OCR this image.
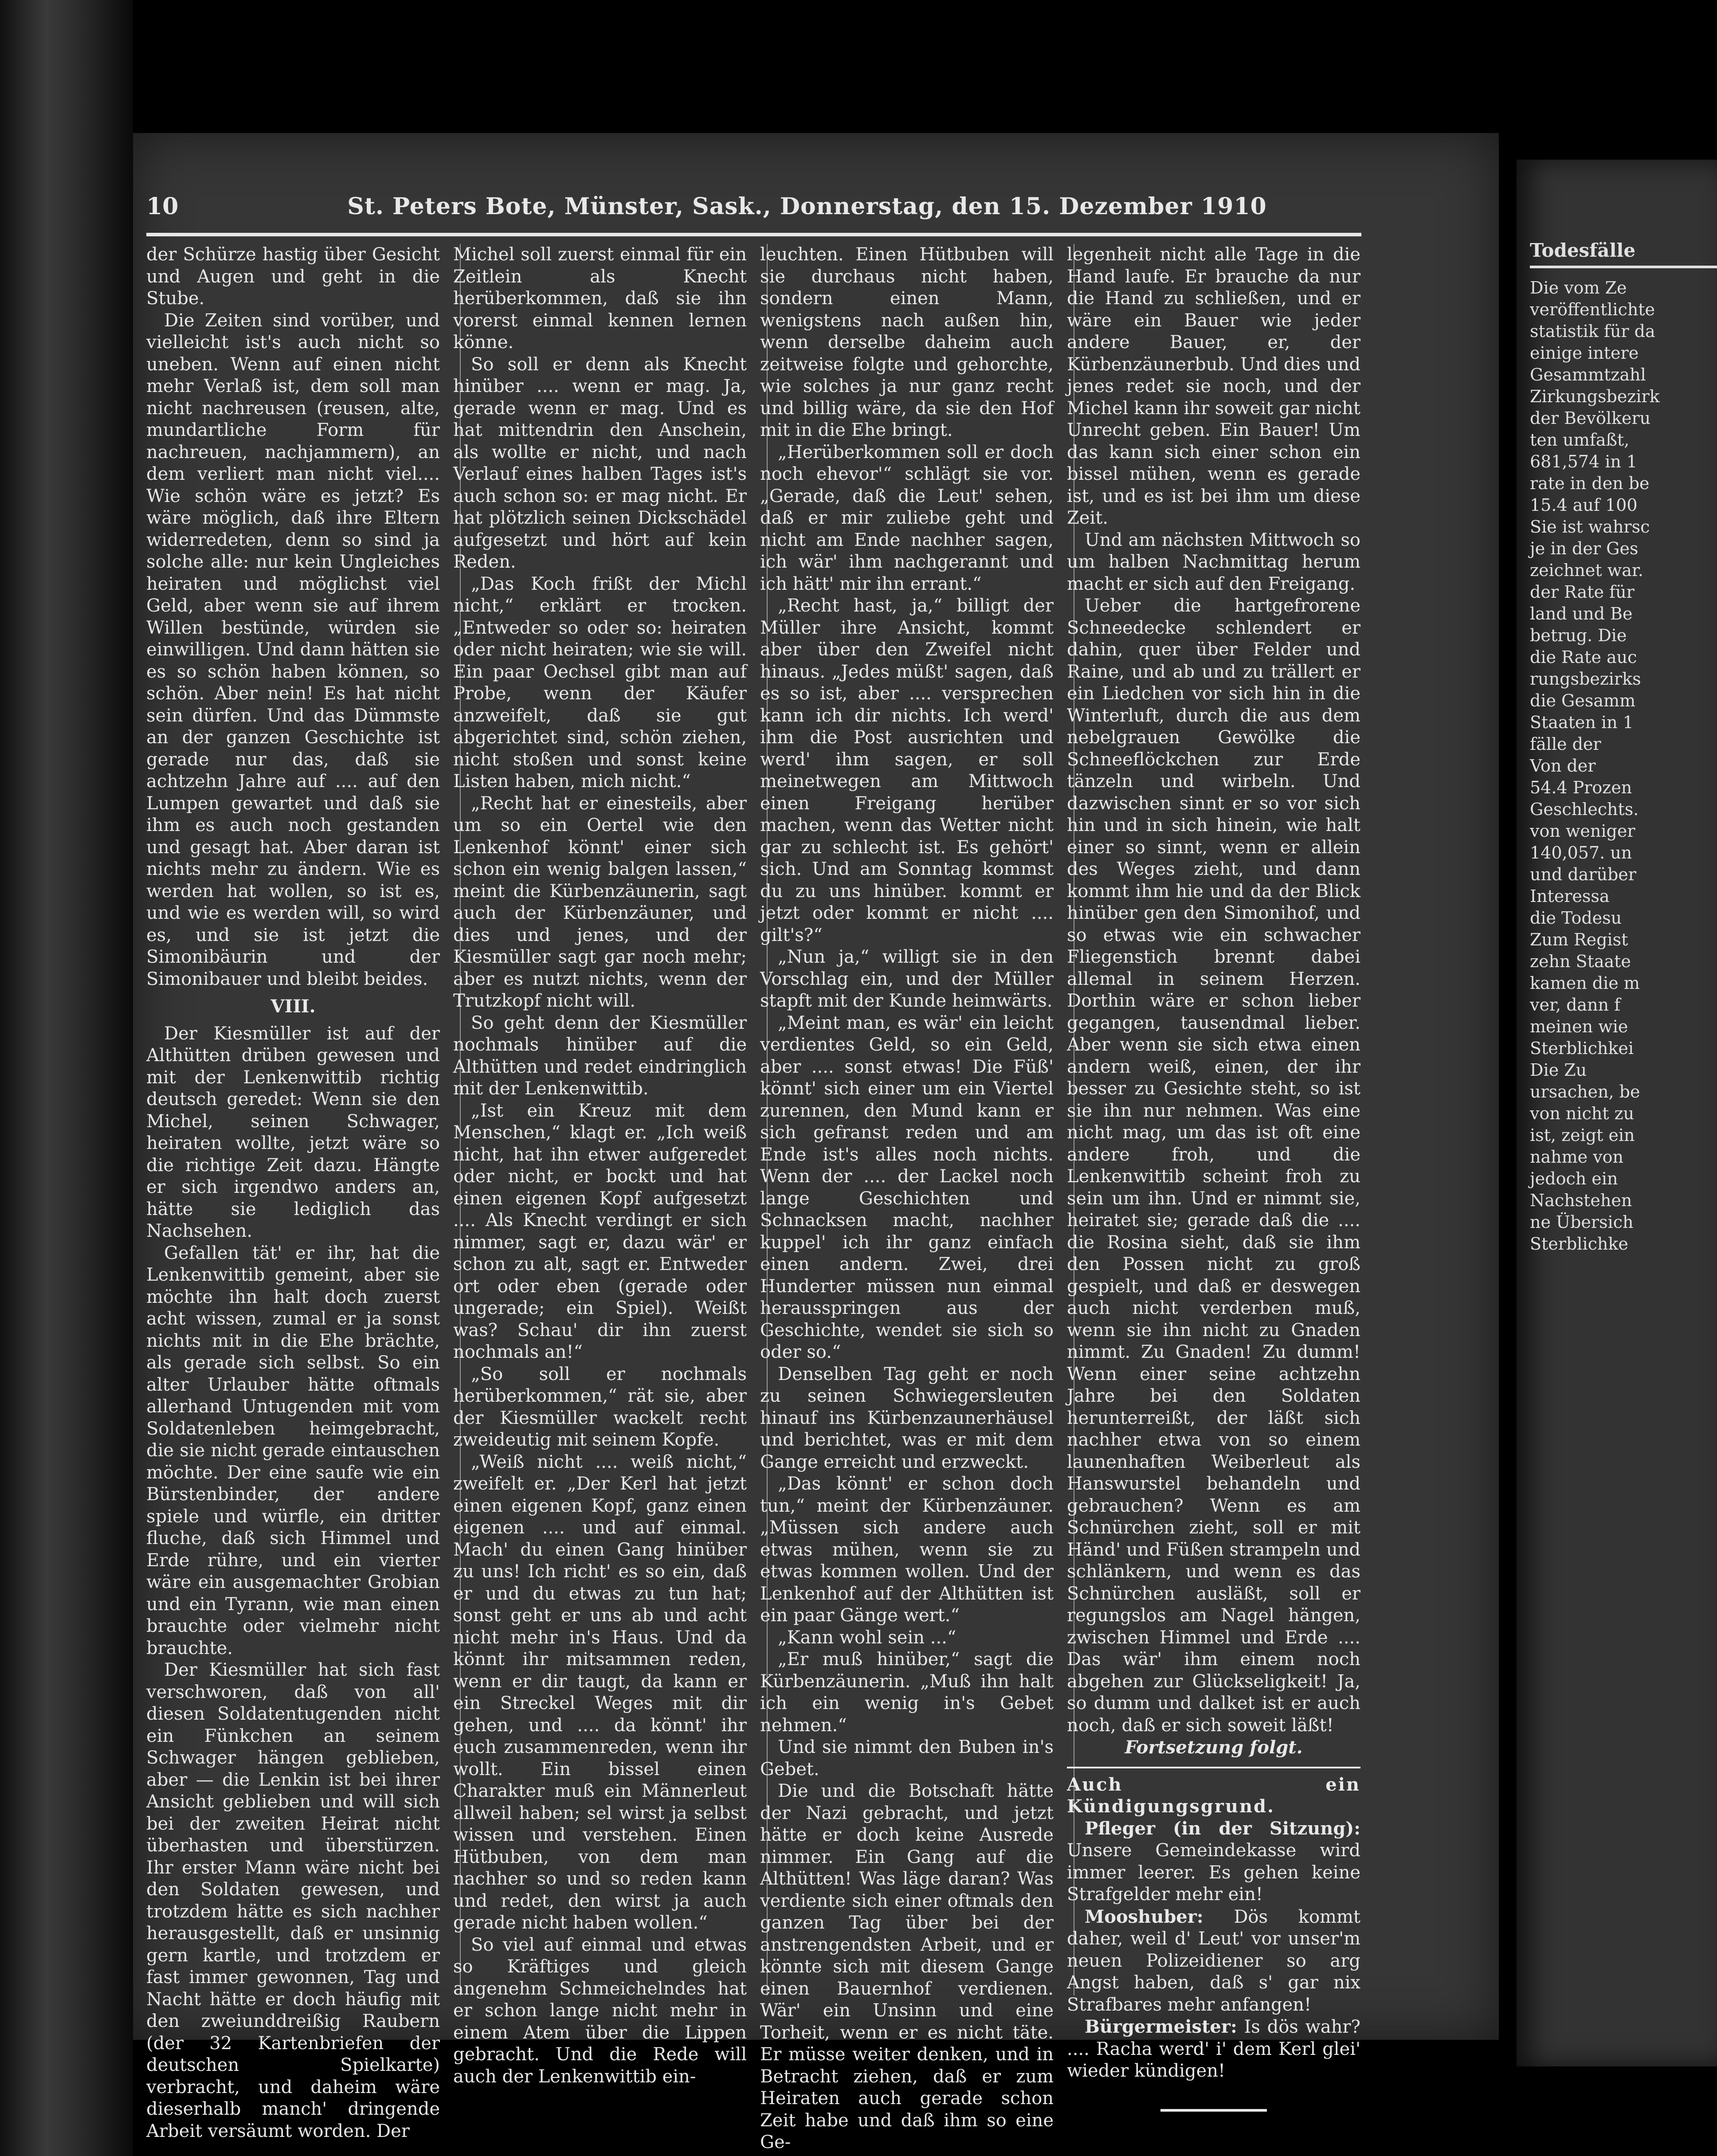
10	St. Peters Bote, Münster, Sask., Donnerstag, den 15. Dezember 1910

der Schürze hastig über Gesicht und Augen und geht in die Stube.

Die Zeiten sind vorüber, und vielleicht ist's auch nicht so uneben. Wenn auf einen nicht mehr Verlaß ist, dem soll man nicht nachreusen (reusen, alte, mundartliche Form für nachreuen, nachjammern), an dem verliert man nicht viel.... Wie schön wäre es jetzt? Es wäre möglich, daß ihre Eltern widerredeten, denn so sind ja solche alle: nur kein Ungleiches heiraten und möglichst viel Geld, aber wenn sie auf ihrem Willen bestünde, würden sie einwilligen. Und dann hätten sie es so schön haben können, so schön. Aber nein! Es hat nicht sein dürfen. Und das Dümmste an der ganzen Geschichte ist gerade nur das, daß sie achtzehn Jahre auf .... auf den Lumpen gewartet und daß sie ihm es auch noch gestanden und gesagt hat. Aber daran ist nichts mehr zu ändern. Wie es werden hat wollen, so ist es, und wie es werden will, so wird es, und sie ist jetzt die Simonibäurin und der Simonibauer und bleibt beides.

VIII.

Der Kiesmüller ist auf der Althütten drüben gewesen und mit der Lenkenwittib richtig deutsch geredet: Wenn sie den Michel, seinen Schwager, heiraten wollte, jetzt wäre so die richtige Zeit dazu. Hängte er sich irgendwo anders an, hätte sie lediglich das Nachsehen.

Gefallen tät' er ihr, hat die Lenkenwittib gemeint, aber sie möchte ihn halt doch zuerst acht wissen, zumal er ja sonst nichts mit in die Ehe brächte, als gerade sich selbst. So ein alter Urlauber hätte oftmals allerhand Untugenden mit vom Soldatenleben heimgebracht, die sie nicht gerade eintauschen möchte. Der eine saufe wie ein Bürstenbinder, der andere spiele und würfle, ein dritter fluche, daß sich Himmel und Erde rühre, und ein vierter wäre ein ausgemachter Grobian und ein Tyrann, wie man einen brauchte oder vielmehr nicht brauchte.

Der Kiesmüller hat sich fast verschworen, daß von all' diesen Soldatentugenden nicht ein Fünkchen an seinem Schwager hängen geblieben, aber — die Lenkin ist bei ihrer Ansicht geblieben und will sich bei der zweiten Heirat nicht überhasten und überstürzen. Ihr erster Mann wäre nicht bei den Soldaten gewesen, und trotzdem hätte es sich nachher herausgestellt, daß er unsinnig gern kartle, und trotzdem er fast immer gewonnen, Tag und Nacht hätte er doch häufig mit den zweiunddreißig Raubern (der 32 Kartenbriefen der deutschen Spielkarte) verbracht, und daheim wäre dieserhalb manch' dringende Arbeit versäumt worden. Der

Michel soll zuerst einmal für ein Zeitlein als Knecht herüberkommen, daß sie ihn vorerst einmal kennen lernen könne.

So soll er denn als Knecht hinüber .... wenn er mag. Ja, gerade wenn er mag. Und es hat mittendrin den Anschein, als wollte er nicht, und nach Verlauf eines halben Tages ist's auch schon so: er mag nicht. Er hat plötzlich seinen Dickschädel aufgesetzt und hört auf kein Reden.

„Das Koch frißt der Michl nicht,“ erklärt er trocken. „Entweder so oder so: heiraten oder nicht heiraten; wie sie will. Ein paar Oechsel gibt man auf Probe, wenn der Käufer anzweifelt, daß sie gut abgerichtet sind, schön ziehen, nicht stoßen und sonst keine Listen haben, mich nicht.“

„Recht hat er einesteils, aber um so ein Oertel wie den Lenkenhof könnt' einer sich schon ein wenig balgen lassen,“ meint die Kürbenzäunerin, sagt auch der Kürbenzäuner, und dies und jenes, und der Kiesmüller sagt gar noch mehr; aber es nutzt nichts, wenn der Trutzkopf nicht will.

So geht denn der Kiesmüller nochmals hinüber auf die Althütten und redet eindringlich mit der Lenkenwittib.

„Ist ein Kreuz mit dem Menschen,“ klagt er. „Ich weiß nicht, hat ihn etwer aufgeredet oder nicht, er bockt und hat einen eigenen Kopf aufgesetzt .... Als Knecht verdingt er sich nimmer, sagt er, dazu wär' er schon zu alt, sagt er. Entweder ort oder eben (gerade oder ungerade; ein Spiel). Weißt was? Schau' dir ihn zuerst nochmals an!“

„So soll er nochmals herüberkommen,“ rät sie, aber der Kiesmüller wackelt recht zweideutig mit seinem Kopfe.

„Weiß nicht .... weiß nicht,“ zweifelt er. „Der Kerl hat jetzt einen eigenen Kopf, ganz einen eigenen .... und auf einmal. Mach' du einen Gang hinüber zu uns! Ich richt' es so ein, daß er und du etwas zu tun hat; sonst geht er uns ab und acht nicht mehr in's Haus. Und da könnt ihr mitsammen reden, wenn er dir taugt, da kann er ein Streckel Weges mit dir gehen, und .... da könnt' ihr euch zusammenreden, wenn ihr wollt. Ein bissel einen Charakter muß ein Männerleut allweil haben; sel wirst ja selbst wissen und verstehen. Einen Hütbuben, von dem man nachher so und so reden kann und redet, den wirst ja auch gerade nicht haben wollen.“

So viel auf einmal und etwas so Kräftiges und gleich angenehm Schmeichelndes hat er schon lange nicht mehr in einem Atem über die Lippen gebracht. Und die Rede will auch der Lenkenwittib ein-

leuchten. Einen Hütbuben will sie durchaus nicht haben, sondern einen Mann, wenigstens nach außen hin, wenn derselbe daheim auch zeitweise folgte und gehorchte, wie solches ja nur ganz recht und billig wäre, da sie den Hof mit in die Ehe bringt.

„Herüberkommen soll er doch noch ehevor'“ schlägt sie vor. „Gerade, daß die Leut' sehen, daß er mir zuliebe geht und nicht am Ende nachher sagen, ich wär' ihm nachgerannt und ich hätt' mir ihn errant.“

„Recht hast, ja,“ billigt der Müller ihre Ansicht, kommt aber über den Zweifel nicht hinaus. „Jedes müßt' sagen, daß es so ist, aber .... versprechen kann ich dir nichts. Ich werd' ihm die Post ausrichten und werd' ihm sagen, er soll meinetwegen am Mittwoch einen Freigang herüber machen, wenn das Wetter nicht gar zu schlecht ist. Es gehört' sich. Und am Sonntag kommst du zu uns hinüber. kommt er jetzt oder kommt er nicht .... gilt's?“

„Nun ja,“ willigt sie in den Vorschlag ein, und der Müller stapft mit der Kunde heimwärts.

„Meint man, es wär' ein leicht verdientes Geld, so ein Geld, aber .... sonst etwas! Die Füß' könnt' sich einer um ein Viertel zurennen, den Mund kann er sich gefranst reden und am Ende ist's alles noch nichts. Wenn der .... der Lackel noch lange Geschichten und Schnacksen macht, nachher kuppel' ich ihr ganz einfach einen andern. Zwei, drei Hunderter müssen nun einmal herausspringen aus der Geschichte, wendet sie sich so oder so.“

Denselben Tag geht er noch zu seinen Schwiegersleuten hinauf ins Kürbenzaunerhäusel und berichtet, was er mit dem Gange erreicht und erzweckt.

„Das könnt' er schon doch tun,“ meint der Kürbenzäuner. „Müssen sich andere auch etwas mühen, wenn sie zu etwas kommen wollen. Und der Lenkenhof auf der Althütten ist ein paar Gänge wert.“

„Kann wohl sein ...“

„Er muß hinüber,“ sagt die Kürbenzäunerin. „Muß ihn halt ich ein wenig in's Gebet nehmen.“

Und sie nimmt den Buben in's Gebet.

Die und die Botschaft hätte der Nazi gebracht, und jetzt hätte er doch keine Ausrede nimmer. Ein Gang auf die Althütten! Was läge daran? Was verdiente sich einer oftmals den ganzen Tag über bei der anstrengendsten Arbeit, und er könnte sich mit diesem Gange einen Bauernhof verdienen. Wär' ein Unsinn und eine Torheit, wenn er es nicht täte. Er müsse weiter denken, und in Betracht ziehen, daß er zum Heiraten auch gerade schon Zeit habe und daß ihm so eine Ge-

legenheit nicht alle Tage in die Hand laufe. Er brauche da nur die Hand zu schließen, und er wäre ein Bauer wie jeder andere Bauer, er, der Kürbenzäunerbub. Und dies und jenes redet sie noch, und der Michel kann ihr soweit gar nicht Unrecht geben. Ein Bauer! Um das kann sich einer schon ein bissel mühen, wenn es gerade ist, und es ist bei ihm um diese Zeit.

Und am nächsten Mittwoch so um halben Nachmittag herum macht er sich auf den Freigang.

Ueber die hartgefrorene Schneedecke schlendert er dahin, quer über Felder und Raine, und ab und zu trällert er ein Liedchen vor sich hin in die Winterluft, durch die aus dem nebelgrauen Gewölke die Schneeflöckchen zur Erde tänzeln und wirbeln. Und dazwischen sinnt er so vor sich hin und in sich hinein, wie halt einer so sinnt, wenn er allein des Weges zieht, und dann kommt ihm hie und da der Blick hinüber gen den Simonihof, und so etwas wie ein schwacher Fliegenstich brennt dabei allemal in seinem Herzen. Dorthin wäre er schon lieber gegangen, tausendmal lieber. Aber wenn sie sich etwa einen andern weiß, einen, der ihr besser zu Gesichte steht, so ist sie ihn nur nehmen. Was eine nicht mag, um das ist oft eine andere froh, und die Lenkenwittib scheint froh zu sein um ihn. Und er nimmt sie, heiratet sie; gerade daß die .... die Rosina sieht, daß sie ihm den Possen nicht zu groß gespielt, und daß er deswegen auch nicht verderben muß, wenn sie ihn nicht zu Gnaden nimmt. Zu Gnaden! Zu dumm! Wenn einer seine achtzehn Jahre bei den Soldaten herunterreißt, der läßt sich nachher etwa von so einem launenhaften Weiberleut als Hanswurstel behandeln und gebrauchen? Wenn es am Schnürchen zieht, soll er mit Händ' und Füßen strampeln und schlänkern, und wenn es das Schnürchen ausläßt, soll er regungslos am Nagel hängen, zwischen Himmel und Erde .... Das wär' ihm einem noch abgehen zur Glückseligkeit! Ja, so dumm und dalket ist er auch noch, daß er sich soweit läßt!

Fortsetzung folgt.

Auch ein Kündigungsgrund.

Pfleger (in der Sitzung): Unsere Gemeindekasse wird immer leerer. Es gehen keine Strafgelder mehr ein!

Mooshuber: Dös kommt daher, weil d' Leut' vor unser'm neuen Polizeidiener so arg Angst haben, daß s' gar nix Strafbares mehr anfangen!

Bürgermeister: Is dös wahr? .... Racha werd' i' dem Kerl glei' wieder kündigen!

Todesfälle
Die vom Ze
veröffentlichte
statistik für da
einige intere
Gesammtzahl
Zirkungsbezirk
der Bevölkeru
ten umfaßt,
681,574 in 1
rate in den be
15.4 auf 100
Sie ist wahrsc
je in der Ges
zeichnet war.
der Rate für
land und Be
betrug. Die
die Rate auc
rungsbezirks
die Gesamm
Staaten in 1
fälle der
Von der
54.4 Prozen
Geschlechts.
von weniger
140,057. un
und darüber
Interessa
die Todesu
Zum Regist
zehn Staate
kamen die m
ver, dann f
meinen wie
Sterblichkei
Die Zu
ursachen, be
von nicht zu
ist, zeigt ein
nahme von
jedoch ein
Nachstehen
ne Übersich
Sterblichke
